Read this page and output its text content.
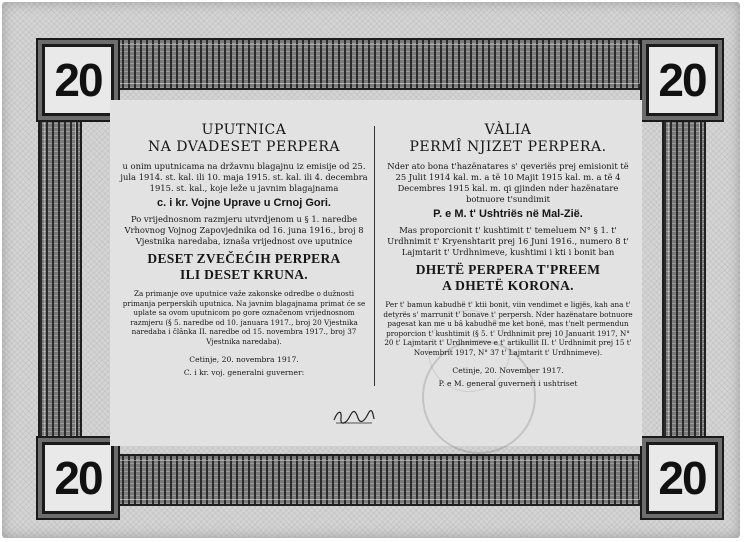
20	20
20	20
UPUTNICA
NA DVADESET PERPERA
u onim uputnicama na državnu blagajnu iz emisije od 25. jula 1914. st. kal. ili 10. maja 1915. st. kal. ili 4. decembra 1915. st. kal., koje leže u javnim blagajnama
c. i kr. Vojne Uprave u Crnoj Gori.
Po vrijednosnom razmjeru utvrdjenom u § 1. naredbe Vrhovnog Vojnog Zapovjednika od 16. juna 1916., broj 8 Vjestnika naredaba, iznaša vrijednost ove uputnice
DESET ZVEČEĆIH PERPERA
ILI DESET KRUNA.
Za primanje ove uputnice važe zakonske odredbe o dužnosti primanja perperskih uputnica. Na javnim blagajnama primat će se uplate sa ovom uputnicom po gore označenom vrijednosnom razmjeru (§ 5. naredbe od 10. januara 1917., broj 20 Vjestnika naredaba i člânka II. naredbe od 15. novembra 1917., broj 37 Vjestnika naredaba).
Cetinje, 20. novembra 1917.
C. i kr. voj. generalni guverner:
VÀLIA
PERMÎ NJIZET PERPERA.
Nder ato bona t'hazënatares s' qeveriës prej emisionit të 25 Julit 1914 kal. m. a të 10 Majit 1915 kal. m. a të 4 Decembres 1915 kal. m. qi gjinden nder hazënatare botnuore t'sundimit
P. e M. t' Ushtriës në Mal-Zië.
Mas proporcionit t' kushtimit t' temeluem N° § 1. t' Urdhnimit t' Kryenshtarit prej 16 Juni 1916., numero 8 t' Lajmtarit t' Urdhnimeve, kushtimi i kti i bonit ban
DHETË PERPERA T'PREEM
A DHETË KORONA.
Per t' bamun kabudhë t' ktii bonit, viin vendimet e ligjës, kah ana t' detyrës s' marrunit t' bonave t' perpersh. Nder hazënatare botnuore pagesat kan me u bâ kabudhë me ket bonë, mas t'nelt permendun proporcion t' kushtimit (§ 5. t' Urdhnimit prej 10 Januarit 1917, N° 20 t' Lajmtarit t' Urdhnimeve e t' artikullit II. t' Urdhnimit prej 15 t' Novembrit 1917, N° 37 t' Lajmtarit t' Urdhnimeve).
Cetinje, 20. November 1917.
P. e M. general guverneri i ushtriset
